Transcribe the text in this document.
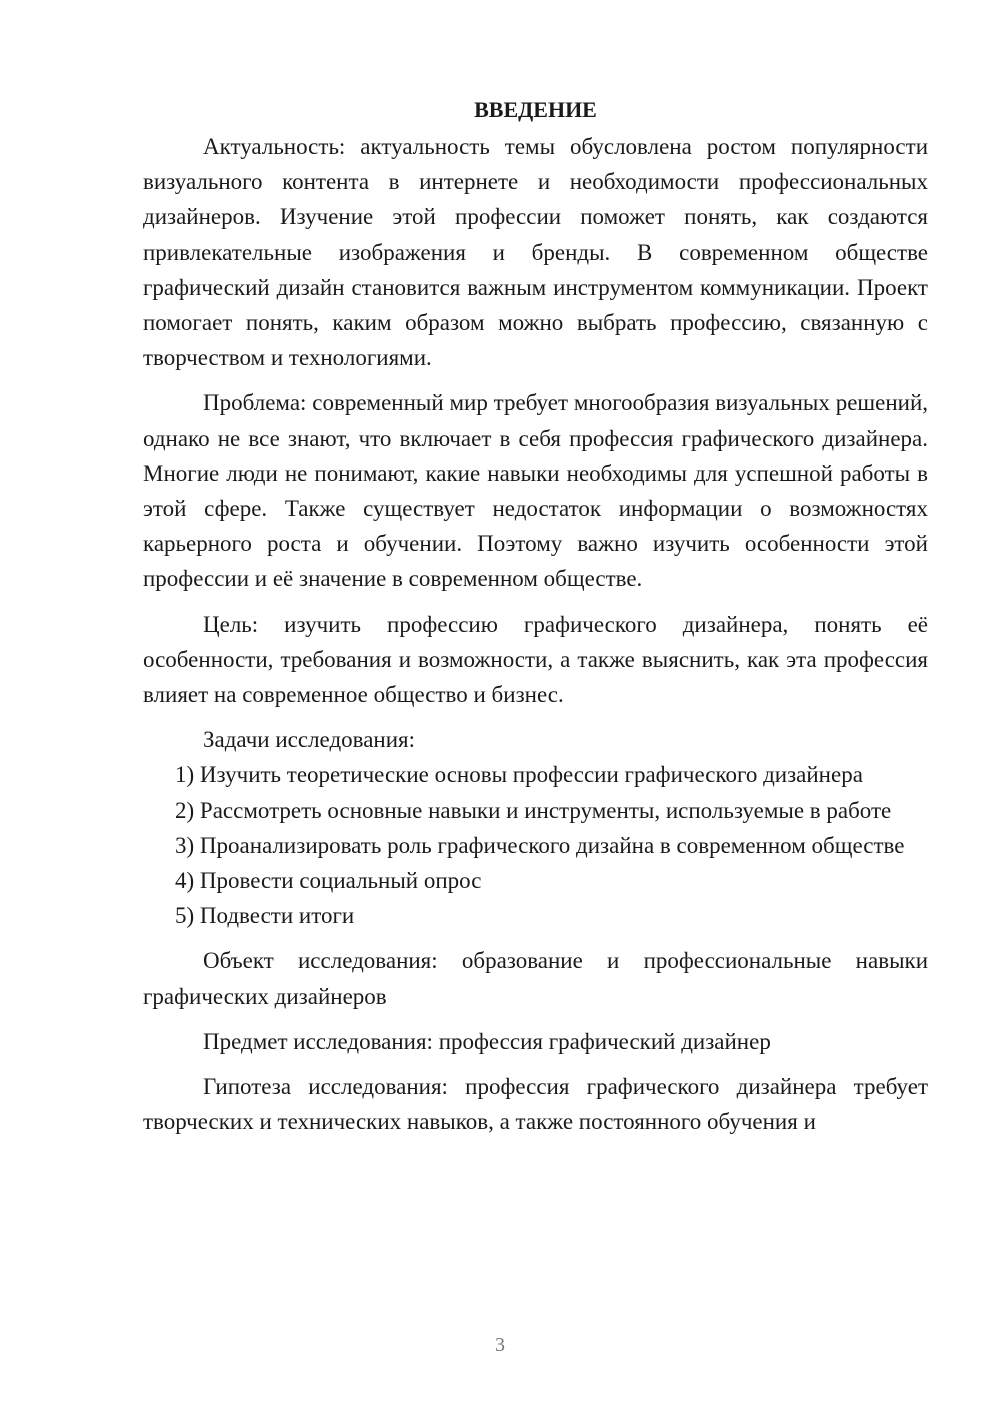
ВВЕДЕНИЕ

Актуальность: актуальность темы обусловлена ростом популярности визуального контента в интернете и необходимости профессиональных дизайнеров. Изучение этой профессии поможет понять, как создаются привлекательные изображения и бренды. В современном обществе графический дизайн становится важным инструментом коммуникации. Проект помогает понять, каким образом можно выбрать профессию, связанную с творчеством и технологиями.

Проблема: современный мир требует многообразия визуальных решений, однако не все знают, что включает в себя профессия графического дизайнера. Многие люди не понимают, какие навыки необходимы для успешной работы в этой сфере. Также существует недостаток информации о возможностях карьерного роста и обучении. Поэтому важно изучить особенности этой профессии и её значение в современном обществе.

Цель: изучить профессию графического дизайнера, понять её особенности, требования и возможности, а также выяснить, как эта профессия влияет на современное общество и бизнес.

Задачи исследования:

1) Изучить теоретические основы профессии графического дизайнера

2) Рассмотреть основные навыки и инструменты, используемые в работе

3) Проанализировать роль графического дизайна в современном обществе

4) Провести социальный опрос

5) Подвести итоги

Объект исследования: образование и профессиональные навыки графических дизайнеров

Предмет исследования: профессия графический дизайнер

Гипотеза исследования: профессия графического дизайнера требует творческих и технических навыков, а также постоянного обучения и

3
